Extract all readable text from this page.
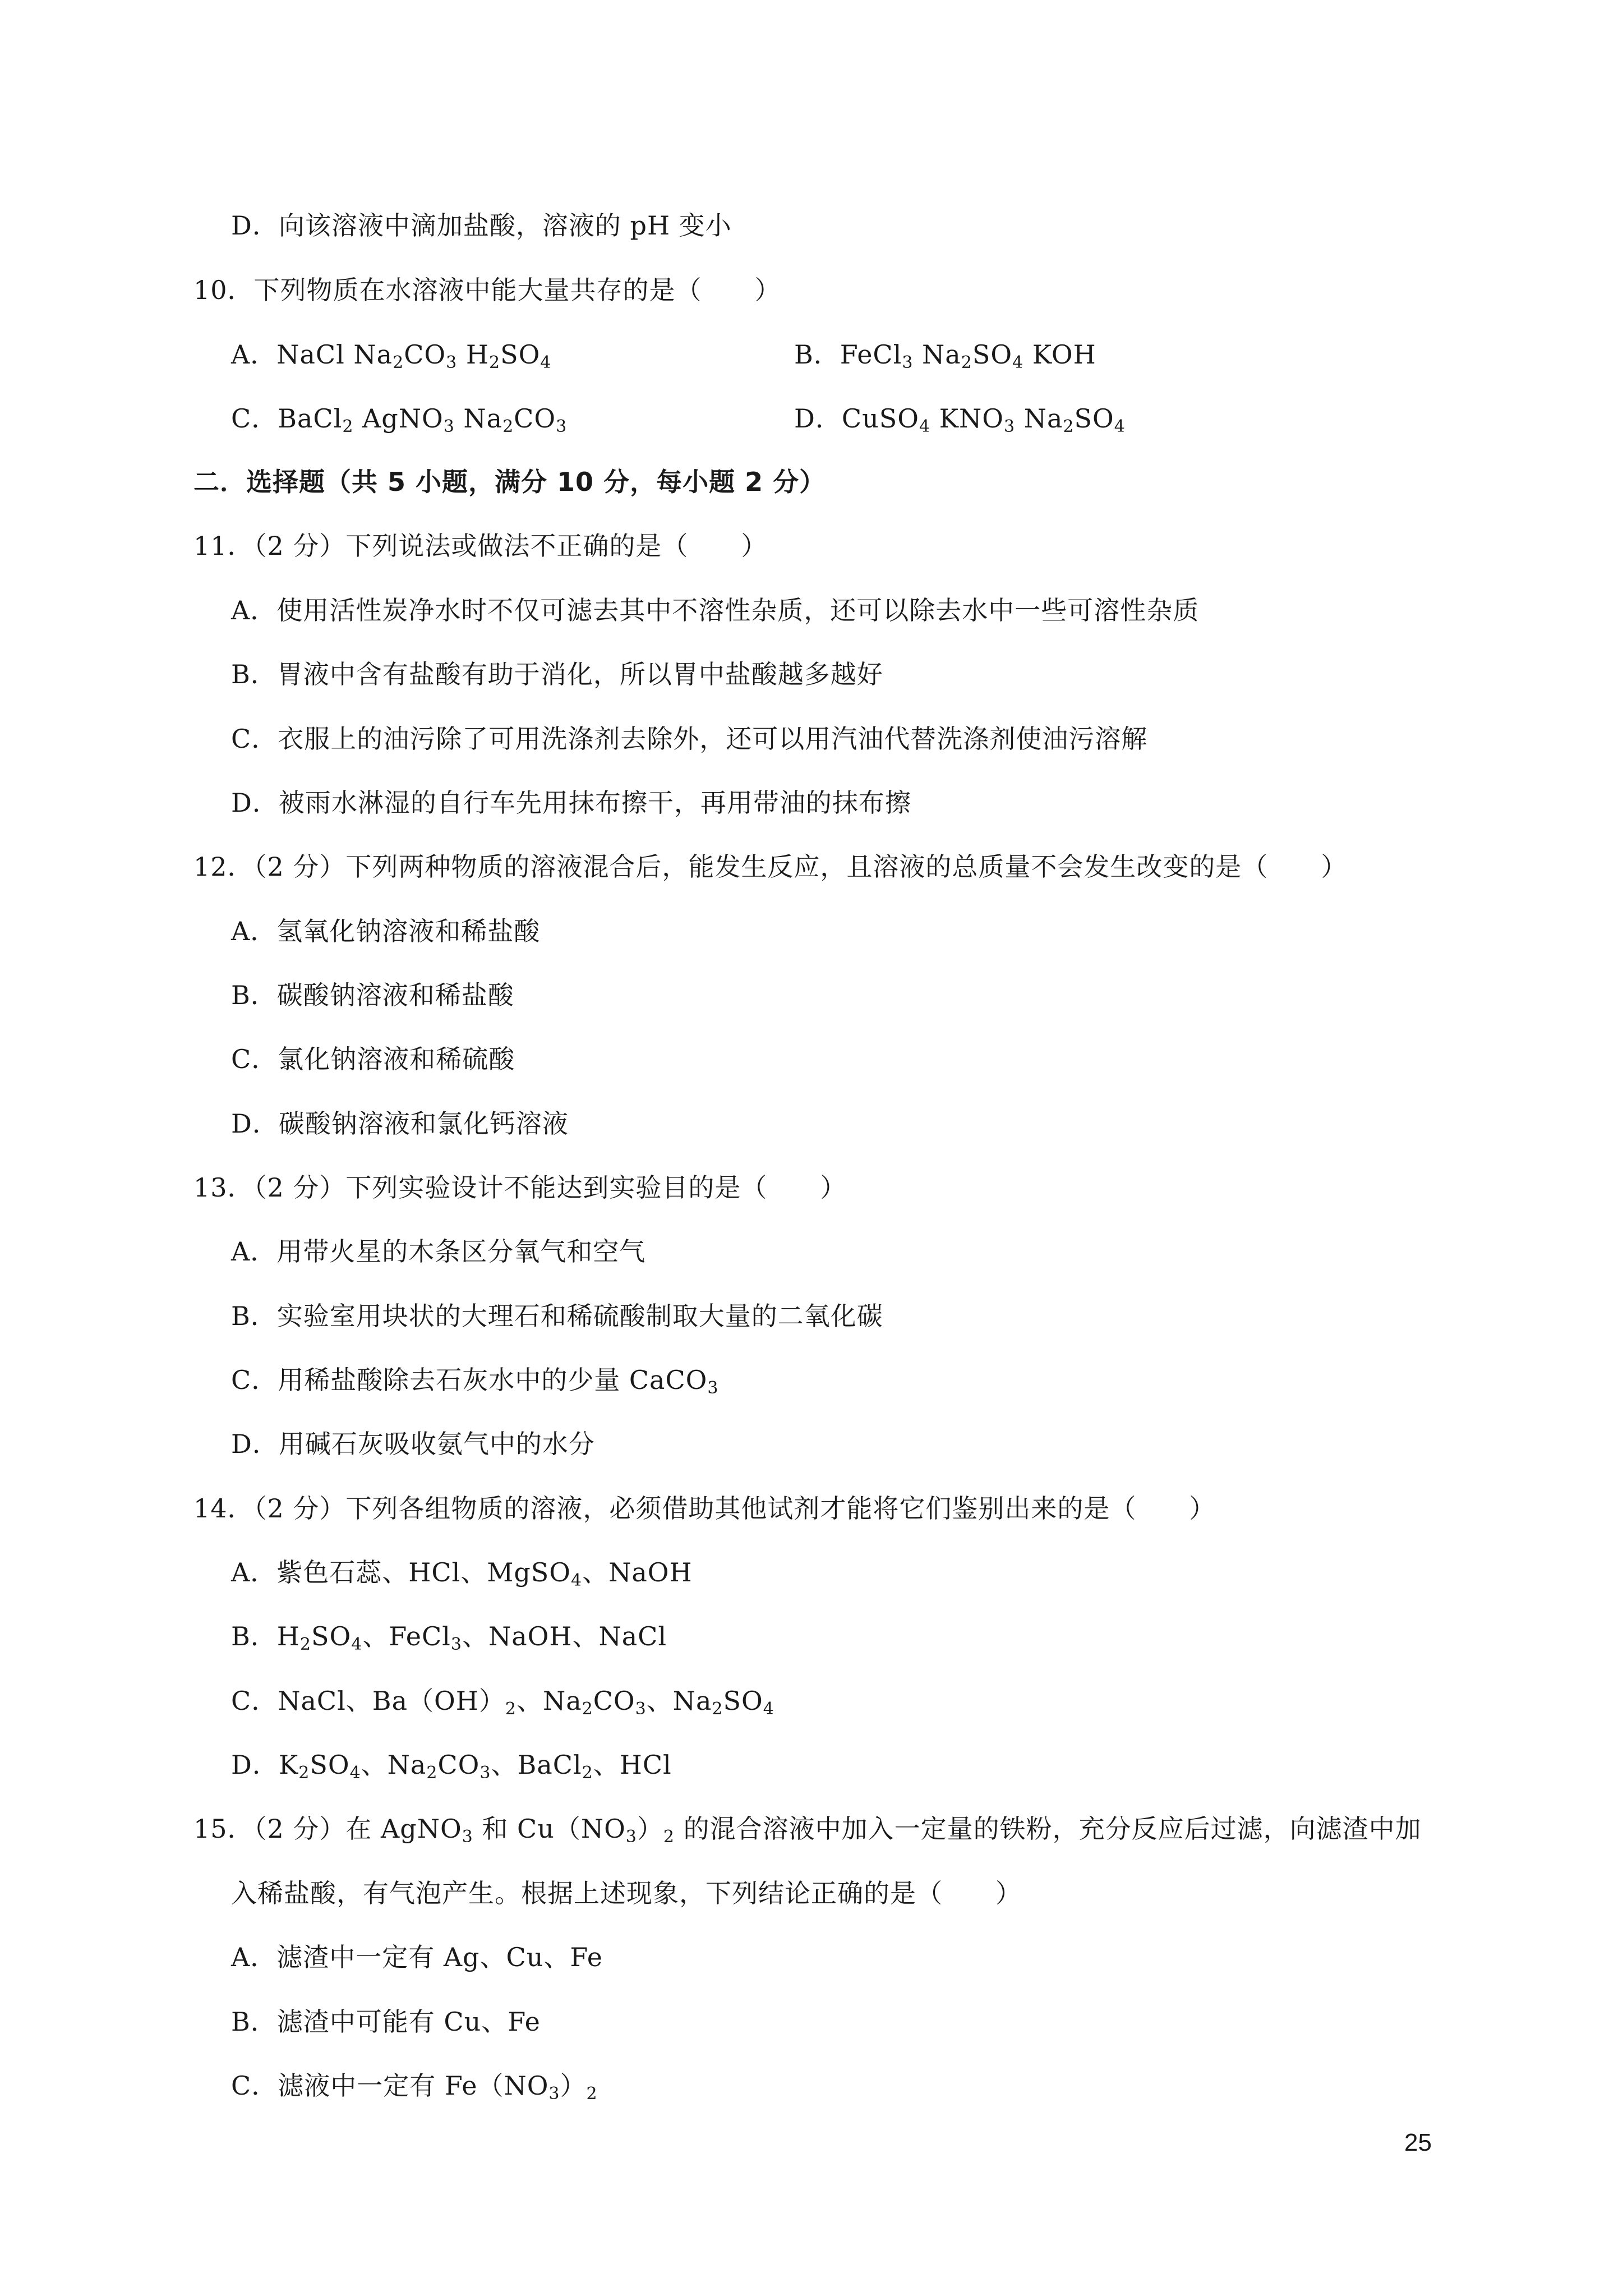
D．向该溶液中滴加盐酸，溶液的 pH 变小
10．下列物质在水溶液中能大量共存的是（　　）
A．NaCl $Na_2CO_3$ $H_2SO_4$	B．FeCl$_3$ $Na_2SO_4$ KOH
C．BaCl$_2$ AgNO$_3$ $Na_2CO_3$	D．CuSO$_4$ $KNO_3$ $Na_2SO_4$
二．选择题（共 5 小题，满分 10 分，每小题 2 分）
11．（2 分）下列说法或做法不正确的是（　　）
A．使用活性炭净水时不仅可滤去其中不溶性杂质，还可以除去水中一些可溶性杂质
B．胃液中含有盐酸有助于消化，所以胃中盐酸越多越好
C．衣服上的油污除了可用洗涤剂去除外，还可以用汽油代替洗涤剂使油污溶解
D．被雨水淋湿的自行车先用抹布擦干，再用带油的抹布擦
12．（2 分）下列两种物质的溶液混合后，能发生反应，且溶液的总质量不会发生改变的是（　　）
A．氢氧化钠溶液和稀盐酸
B．碳酸钠溶液和稀盐酸
C．氯化钠溶液和稀硫酸
D．碳酸钠溶液和氯化钙溶液
13．（2 分）下列实验设计不能达到实验目的是（　　）
A．用带火星的木条区分氧气和空气
B．实验室用块状的大理石和稀硫酸制取大量的二氧化碳
C．用稀盐酸除去石灰水中的少量 CaCO$_3$
D．用碱石灰吸收氨气中的水分
14．（2 分）下列各组物质的溶液，必须借助其他试剂才能将它们鉴别出来的是（　　）
A．紫色石蕊、HCl、MgSO$_4$、NaOH
B．$H_2SO_4$、FeCl$_3$、NaOH、NaCl
C．NaCl、$Ba(OH)_2$、$Na_2CO_3$、$Na_2SO_4$
D．$K_2SO_4$、$Na_2CO_3$、BaCl$_2$、HCl
15．（2 分）在 AgNO$_3$ 和 $Cu(NO_3)_2$ 的混合溶液中加入一定量的铁粉，充分反应后过滤，向滤渣中加
入稀盐酸，有气泡产生。根据上述现象，下列结论正确的是（　　）
A．滤渣中一定有 Ag、Cu、Fe
B．滤渣中可能有 Cu、Fe
C．滤液中一定有 $Fe(NO_3)_2$
25
